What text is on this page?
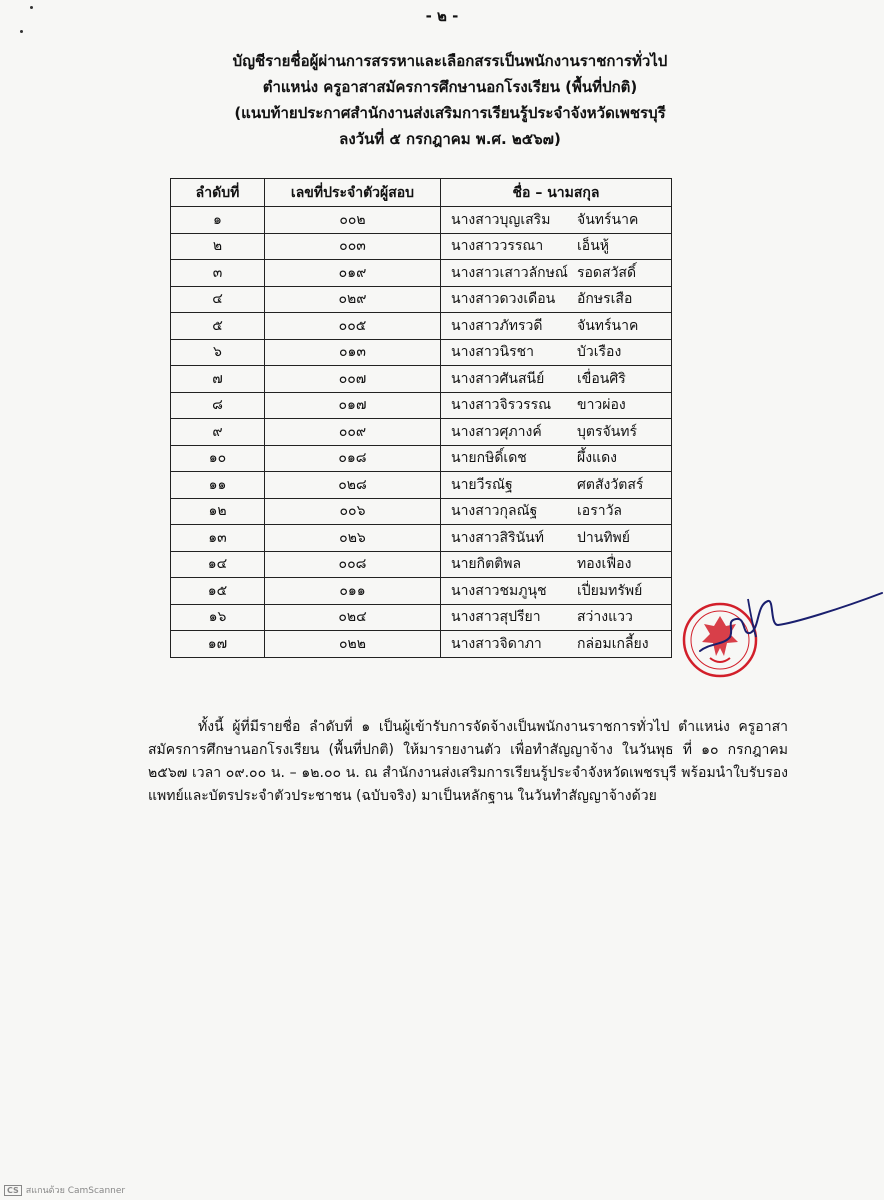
- ๒ -
บัญชีรายชื่อผู้ผ่านการสรรหาและเลือกสรรเป็นพนักงานราชการทั่วไป
ตำแหน่ง ครูอาสาสมัครการศึกษานอกโรงเรียน (พื้นที่ปกติ)
(แนบท้ายประกาศสำนักงานส่งเสริมการเรียนรู้ประจำจังหวัดเพชรบุรี
ลงวันที่ ๕ กรกฎาคม พ.ศ. ๒๕๖๗)
ลำดับที่	เลขที่ประจำตัวผู้สอบ	ชื่อ – นามสกุล
๑	๐๐๒	นางสาวบุญเสริม จันทร์นาค

๒	๐๐๓	นางสาววรรณา เอ็นหู้

๓	๐๑๙	นางสาวเสาวลักษณ์ รอดสวัสดิ์

๔	๐๒๙	นางสาวดวงเดือน อักษรเสือ

๕	๐๐๕	นางสาวภัทรวดี จันทร์นาค

๖	๐๑๓	นางสาวนิรชา บัวเรือง

๗	๐๐๗	นางสาวศันสนีย์ เขื่อนศิริ

๘	๐๑๗	นางสาวจิรวรรณ ขาวผ่อง

๙	๐๐๙	นางสาวศุภางค์ บุตรจันทร์

๑๐	๐๑๘	นายกษิดิ์เดช ผึ้งแดง

๑๑	๐๒๘	นายวีรณัฐ ศตสังวัตสร์

๑๒	๐๐๖	นางสาวกุลณัฐ เอราวัล

๑๓	๐๒๖	นางสาวสิรินันท์ ปานทิพย์

๑๔	๐๐๘	นายกิตติพล ทองเฟื่อง

๑๕	๐๑๑	นางสาวชมภูนุช เปี่ยมทรัพย์

๑๖	๐๒๔	นางสาวสุปรียา สว่างแวว

๑๗	๐๒๒	นางสาวจิดาภา กล่อมเกลี้ยง
ทั้งนี้ ผู้ที่มีรายชื่อ ลำดับที่ ๑ เป็นผู้เข้ารับการจัดจ้างเป็นพนักงานราชการทั่วไป ตำแหน่ง ครูอาสาสมัครการศึกษานอกโรงเรียน (พื้นที่ปกติ) ให้มารายงานตัว เพื่อทำสัญญาจ้าง ในวันพุธ ที่ ๑๐ กรกฎาคม ๒๕๖๗ เวลา ๐๙.๐๐ น. – ๑๒.๐๐ น. ณ สำนักงานส่งเสริมการเรียนรู้ประจำจังหวัดเพชรบุรี พร้อมนำใบรับรองแพทย์และบัตรประจำตัวประชาชน (ฉบับจริง) มาเป็นหลักฐาน ในวันทำสัญญาจ้างด้วย
CS สแกนด้วย CamScanner
